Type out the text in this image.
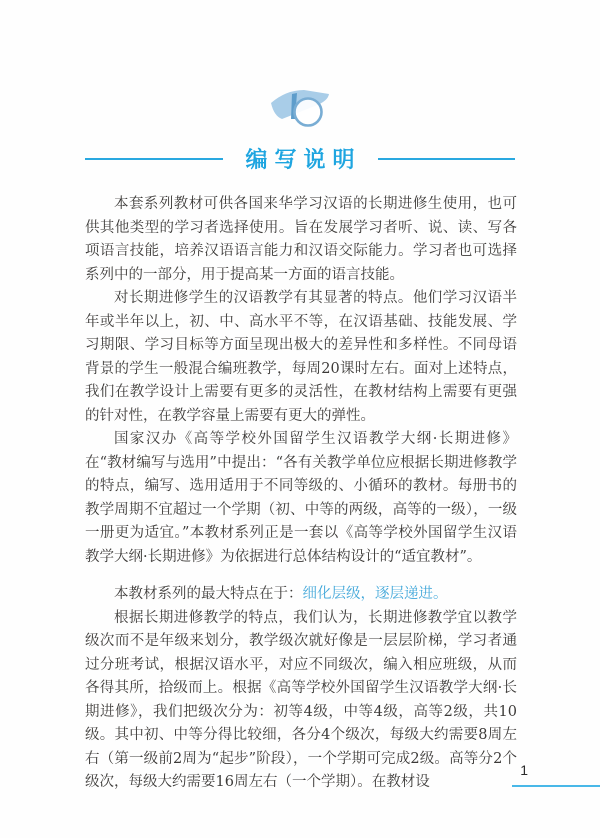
编写说明

本套系列教材可供各国来华学习汉语的长期进修生使用，也可供其他类型的学习者选择使用。旨在发展学习者听、说、读、写各项语言技能，培养汉语语言能力和汉语交际能力。学习者也可选择系列中的一部分，用于提高某一方面的语言技能。

对长期进修学生的汉语教学有其显著的特点。他们学习汉语半年或半年以上，初、中、高水平不等，在汉语基础、技能发展、学习期限、学习目标等方面呈现出极大的差异性和多样性。不同母语背景的学生一般混合编班教学，每周20课时左右。面对上述特点，我们在教学设计上需要有更多的灵活性，在教材结构上需要有更强的针对性，在教学容量上需要有更大的弹性。

国家汉办《高等学校外国留学生汉语教学大纲·长期进修》在“教材编写与选用”中提出：“各有关教学单位应根据长期进修教学的特点，编写、选用适用于不同等级的、小循环的教材。每册书的教学周期不宜超过一个学期（初、中等的两级，高等的一级），一级一册更为适宜。”本教材系列正是一套以《高等学校外国留学生汉语教学大纲·长期进修》为依据进行总体结构设计的“适宜教材”。

本教材系列的最大特点在于：细化层级，逐层递进。

根据长期进修教学的特点，我们认为，长期进修教学宜以教学级次而不是年级来划分，教学级次就好像是一层层阶梯，学习者通过分班考试，根据汉语水平，对应不同级次，编入相应班级，从而各得其所，拾级而上。根据《高等学校外国留学生汉语教学大纲·长期进修》，我们把级次分为：初等4级，中等4级，高等2级，共10级。其中初、中等分得比较细，各分4个级次，每级大约需要8周左右（第一级前2周为“起步”阶段），一个学期可完成2级。高等分2个级次，每级大约需要16周左右（一个学期）。在教材设

1
